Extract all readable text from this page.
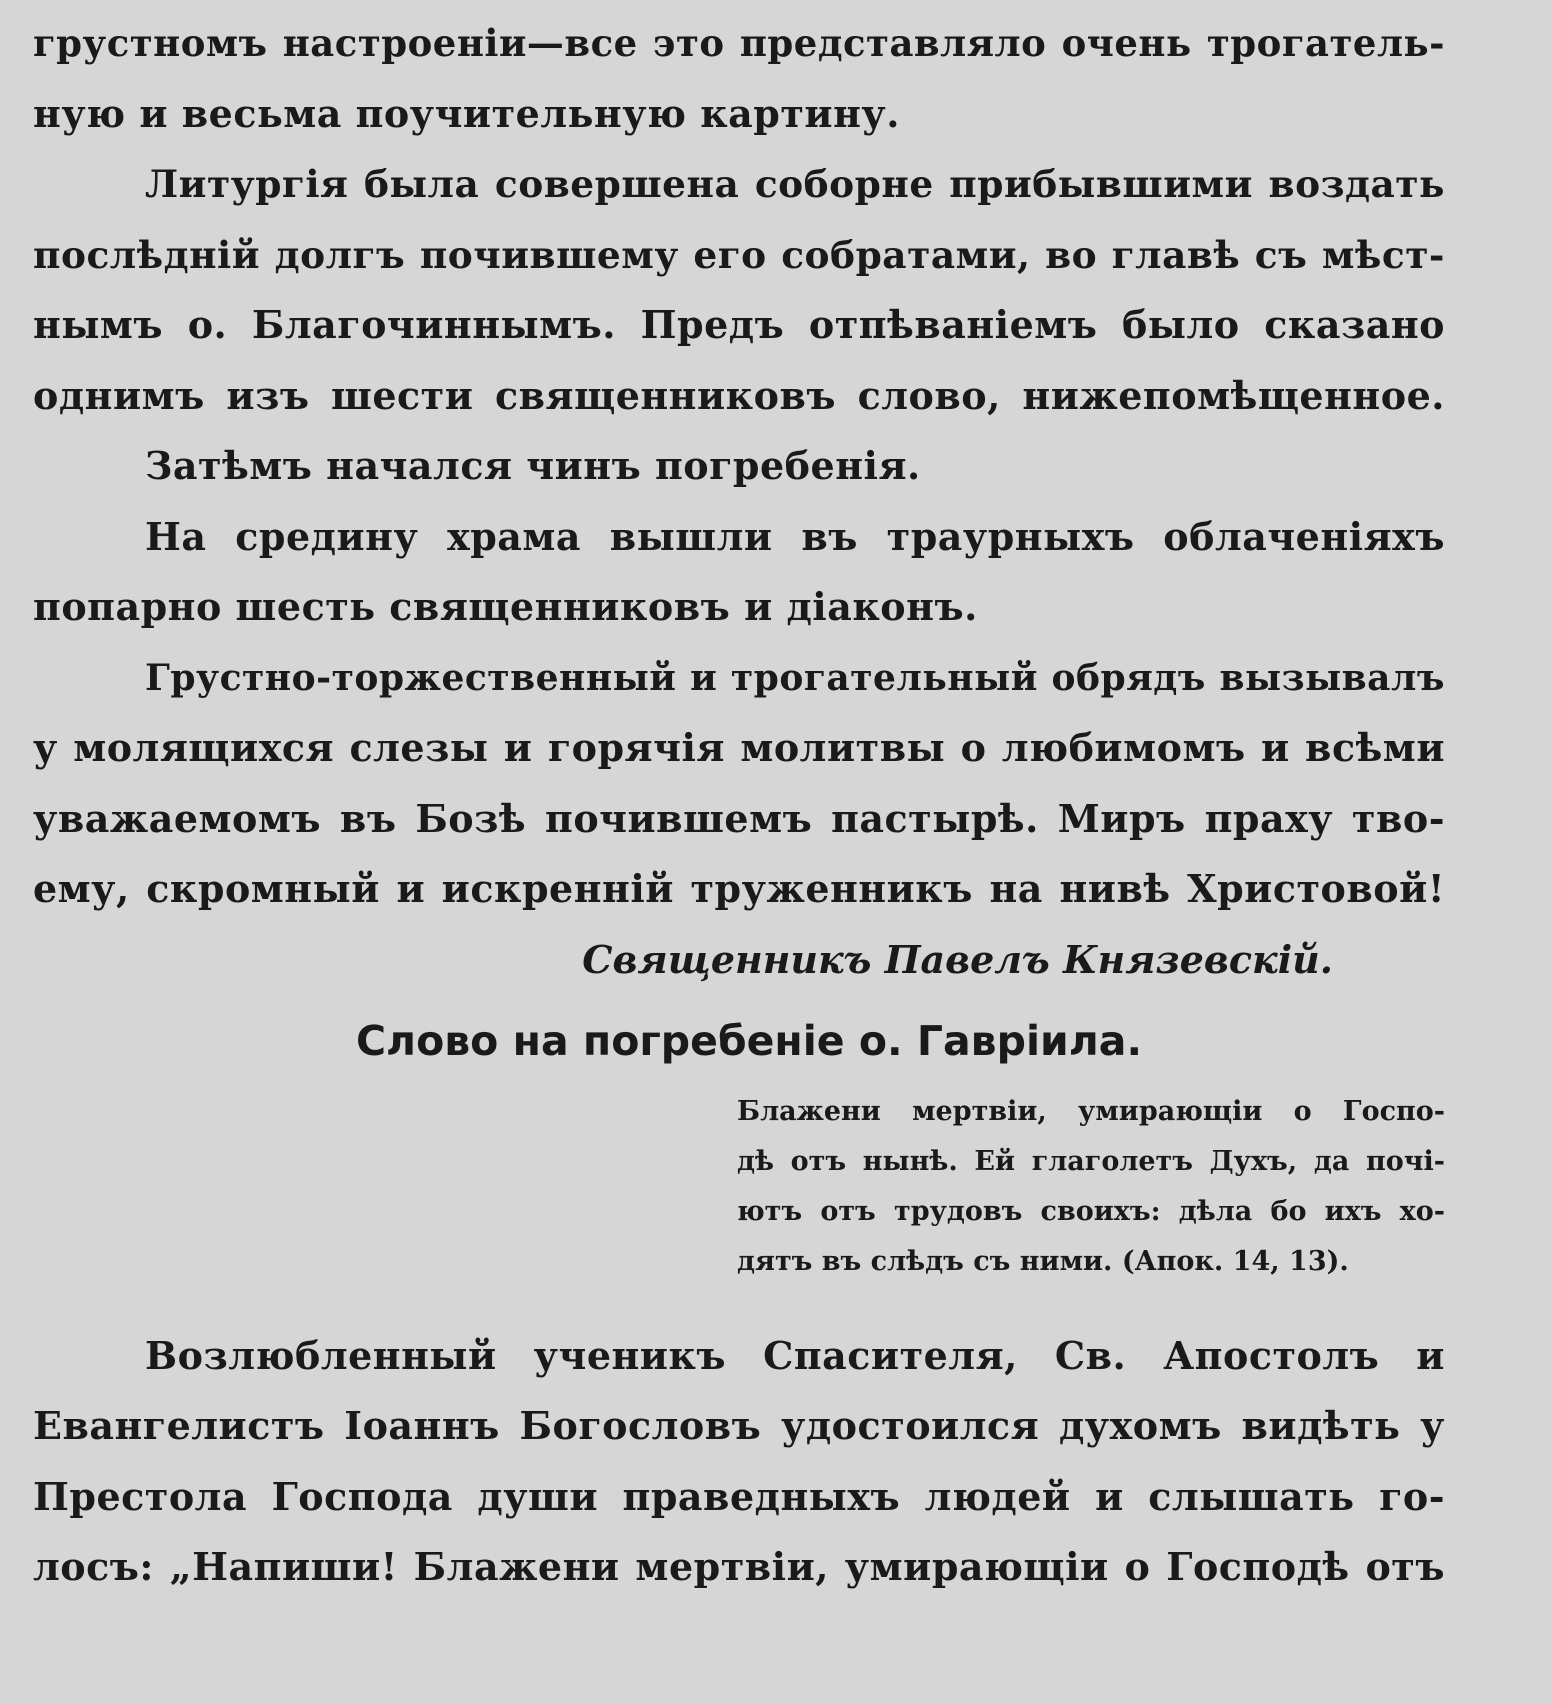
грустномъ настроеніи—все это представляло очень трогатель-
ную и весьма поучительную картину.
Литургія была совершена соборне прибывшими воздать
послѣдній долгъ почившему его собратами, во главѣ съ мѣст-
нымъ о. Благочиннымъ. Предъ отпѣваніемъ было сказано
однимъ изъ шести священниковъ слово, нижепомѣщенное.
Затѣмъ начался чинъ погребенія.
На средину храма вышли въ траурныхъ облаченіяхъ
попарно шесть священниковъ и діаконъ.
Грустно-торжественный и трогательный обрядъ вызывалъ
у молящихся слезы и горячія молитвы о любимомъ и всѣми
уважаемомъ въ Бозѣ почившемъ пастырѣ. Миръ праху тво-
ему, скромный и искренній труженникъ на нивѣ Христовой!
Священникъ Павелъ Князевскій.
Слово на погребеніе о. Гавріила.
Блажени мертвіи, умирающіи о Госпо-
дѣ отъ нынѣ. Ей глаголетъ Духъ, да почі-
ютъ отъ трудовъ своихъ: дѣла бо ихъ хо-
дятъ въ слѣдъ съ ними. (Апок. 14, 13).
Возлюбленный ученикъ Спасителя, Св. Апостолъ и
Евангелистъ Іоаннъ Богословъ удостоился духомъ видѣть у
Престола Господа души праведныхъ людей и слышать го-
лосъ: „Напиши! Блажени мертвіи, умирающіи о Господѣ отъ
